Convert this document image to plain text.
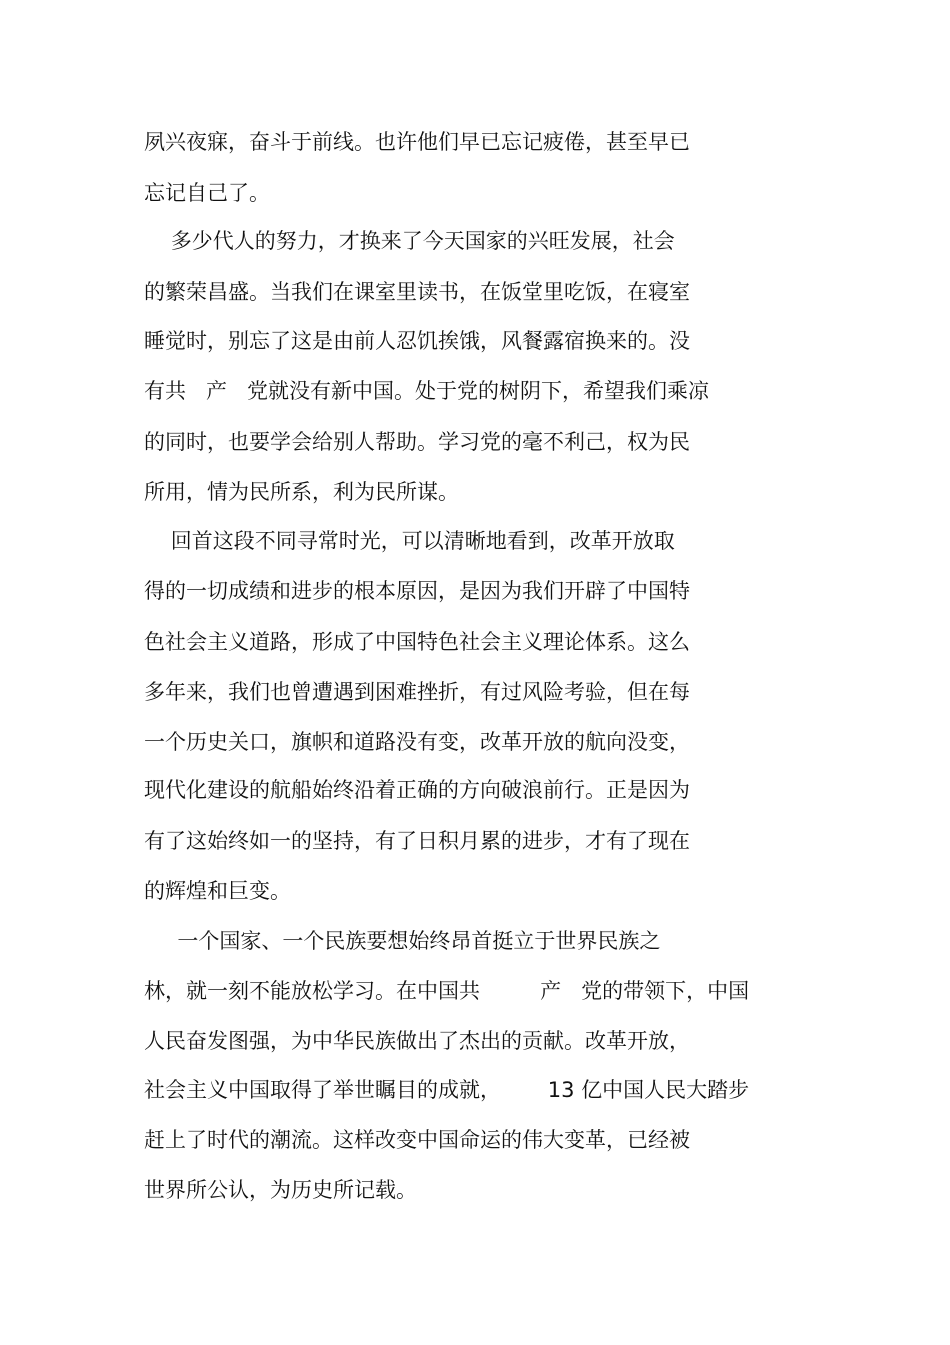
夙兴夜寐，奋斗于前线。也许他们早已忘记疲倦，甚至早已

忘记自己了。

多少代人的努力，才换来了今天国家的兴旺发展，社会

的繁荣昌盛。当我们在课室里读书，在饭堂里吃饭，在寝室

睡觉时，别忘了这是由前人忍饥挨饿，风餐露宿换来的。没

有共   产   党就没有新中国。处于党的树阴下，希望我们乘凉

的同时，也要学会给别人帮助。学习党的毫不利己，权为民

所用，情为民所系，利为民所谋。

回首这段不同寻常时光，可以清晰地看到，改革开放取

得的一切成绩和进步的根本原因，是因为我们开辟了中国特

色社会主义道路，形成了中国特色社会主义理论体系。这么

多年来，我们也曾遭遇到困难挫折，有过风险考验，但在每

一个历史关口，旗帜和道路没有变，改革开放的航向没变，

现代化建设的航船始终沿着正确的方向破浪前行。正是因为

有了这始终如一的坚持，有了日积月累的进步，才有了现在

的辉煌和巨变。

一个国家、一个民族要想始终昂首挺立于世界民族之

林，就一刻不能放松学习。在中国共         产   党的带领下，中国

人民奋发图强，为中华民族做出了杰出的贡献。改革开放，

社会主义中国取得了举世瞩目的成就，       13 亿中国人民大踏步

赶上了时代的潮流。这样改变中国命运的伟大变革，已经被

世界所公认，为历史所记载。
